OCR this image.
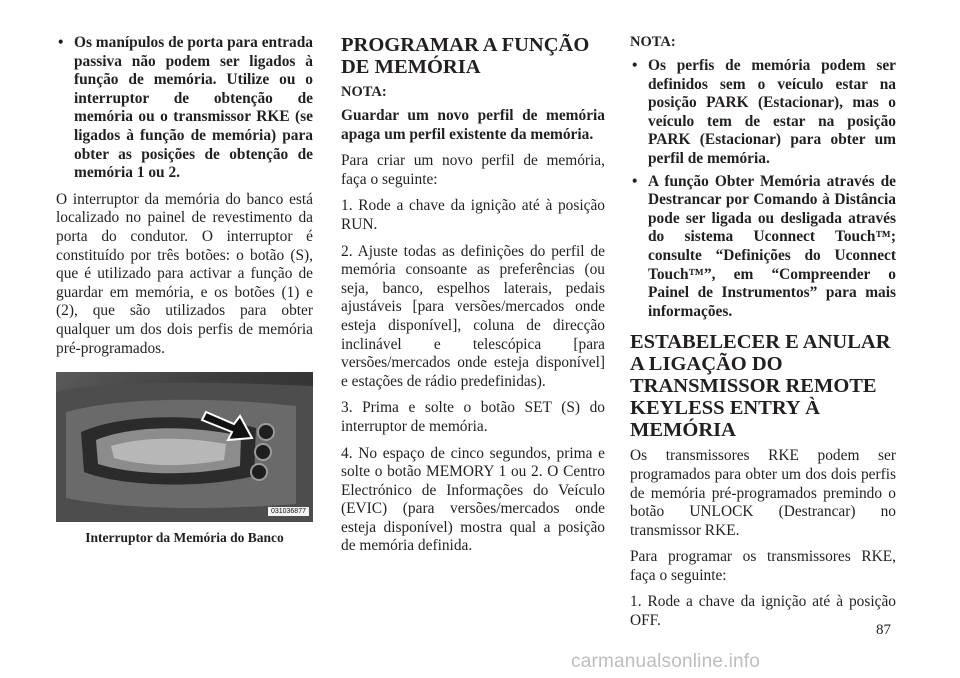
• Os manípulos de porta para entrada passiva não podem ser ligados à função de memória. Utilize ou o interruptor de obtenção de memória ou o transmissor RKE (se ligados à função de memória) para obter as posições de obtenção de memória 1 ou 2.

O interruptor da memória do banco está localizado no painel de revestimento da porta do condutor. O interruptor é constituído por três botões: o botão (S), que é utilizado para activar a função de guardar em memória, e os botões (1) e (2), que são utilizados para obter qualquer um dos dois perfis de memória pré-programados.

031036877
Interruptor da Memória do Banco
PROGRAMAR A FUNÇÃO DE MEMÓRIA
NOTA:

Guardar um novo perfil de memória apaga um perfil existente da memória.

Para criar um novo perfil de memória, faça o seguinte:

1. Rode a chave da ignição até à posição RUN.

2. Ajuste todas as definições do perfil de memória consoante as preferências (ou seja, banco, espelhos laterais, pedais ajustáveis [para versões/mercados onde esteja disponível], coluna de direcção inclinável e telescópica [para versões/mercados onde esteja disponível] e estações de rádio predefinidas).

3. Prima e solte o botão SET (S) do interruptor de memória.

4. No espaço de cinco segundos, prima e solte o botão MEMORY 1 ou 2. O Centro Electrónico de Informações do Veículo (EVIC) (para versões/mercados onde esteja disponível) mostra qual a posição de memória definida.

NOTA:
• Os perfis de memória podem ser definidos sem o veículo estar na posição PARK (Estacionar), mas o veículo tem de estar na posição PARK (Estacionar) para obter um perfil de memória.
• A função Obter Memória através de Destrancar por Comando à Distância pode ser ligada ou desligada através do sistema Uconnect Touch™; consulte “Definições do Uconnect Touch™”, em “Compreender o Painel de Instrumentos” para mais informações.
ESTABELECER E ANULAR A LIGAÇÃO DO TRANSMISSOR REMOTE KEYLESS ENTRY À MEMÓRIA

Os transmissores RKE podem ser programados para obter um dos dois perfis de memória pré-programados premindo o botão UNLOCK (Destrancar) no transmissor RKE.

Para programar os transmissores RKE, faça o seguinte:

1. Rode a chave da ignição até à posição OFF.

87
carmanualsonline.info
